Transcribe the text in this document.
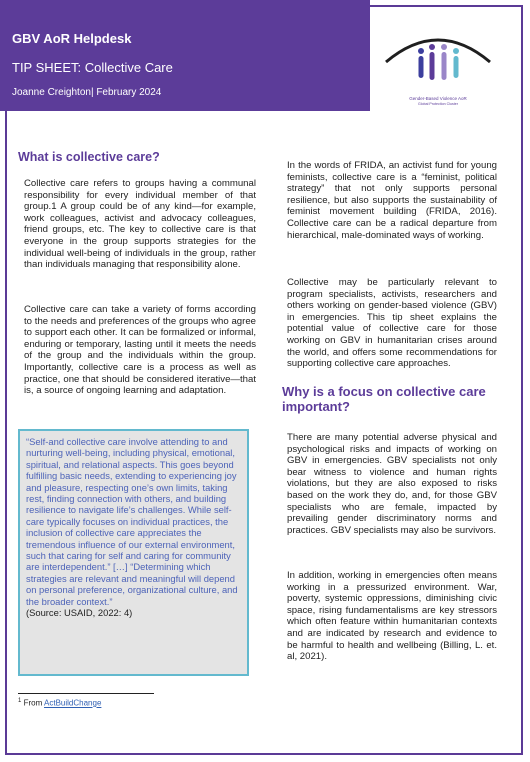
GBV AoR Helpdesk
TIP SHEET: Collective Care
Joanne Creighton| February 2024
Gender-Based Violence AoR
Global Protection Cluster
What is collective care?

Collective care refers to groups having a communal responsibility for every individual member of that group.1 A group could be of any kind—for example, work colleagues, activist and advocacy colleagues, friend groups, etc. The key to collective care is that everyone in the group supports strategies for the individual well-being of individuals in the group, rather than individuals managing that responsibility alone.

Collective care can take a variety of forms according to the needs and preferences of the groups who agree to support each other. It can be formalized or informal, enduring or temporary, lasting until it meets the needs of the group and the individuals within the group. Importantly, collective care is a process as well as practice, one that should be considered iterative—that is, a source of ongoing learning and adaptation.

“Self-and collective care involve attending to and nurturing well-being, including physical, emotional, spiritual, and relational aspects. This goes beyond fulfilling basic needs, extending to experiencing joy and pleasure, respecting one’s own limits, taking rest, finding connection with others, and building resilience to navigate life’s challenges. While self-care typically focuses on individual practices, the inclusion of collective care appreciates the tremendous influence of our external environment, such that caring for self and caring for community are interdependent.” […] “Determining which strategies are relevant and meaningful will depend on personal preference, organizational culture, and the broader context.”
(Source: USAID, 2022: 4)

In the words of FRIDA, an activist fund for young feminists, collective care is a “feminist, political strategy” that not only supports personal resilience, but also supports the sustainability of feminist movement building (FRIDA, 2016). Collective care can be a radical departure from hierarchical, male-dominated ways of working.

Collective may be particularly relevant to program specialists, activists, researchers and others working on gender-based violence (GBV) in emergencies. This tip sheet explains the potential value of collective care for those working on GBV in humanitarian crises around the world, and offers some recommendations for supporting collective care approaches.

Why is a focus on collective care important?

There are many potential adverse physical and psychological risks and impacts of working on GBV in emergencies. GBV specialists not only bear witness to violence and human rights violations, but they are also exposed to risks based on the work they do, and, for those GBV specialists who are female, impacted by prevailing gender discriminatory norms and practices. GBV specialists may also be survivors.

In addition, working in emergencies often means working in a pressurized environment. War, poverty, systemic oppressions, diminishing civic space, rising fundamentalisms are key stressors which often feature within humanitarian contexts and are indicated by research and evidence to be harmful to health and wellbeing (Billing, L. et. al, 2021).

$^1$ From ActBuildChange
